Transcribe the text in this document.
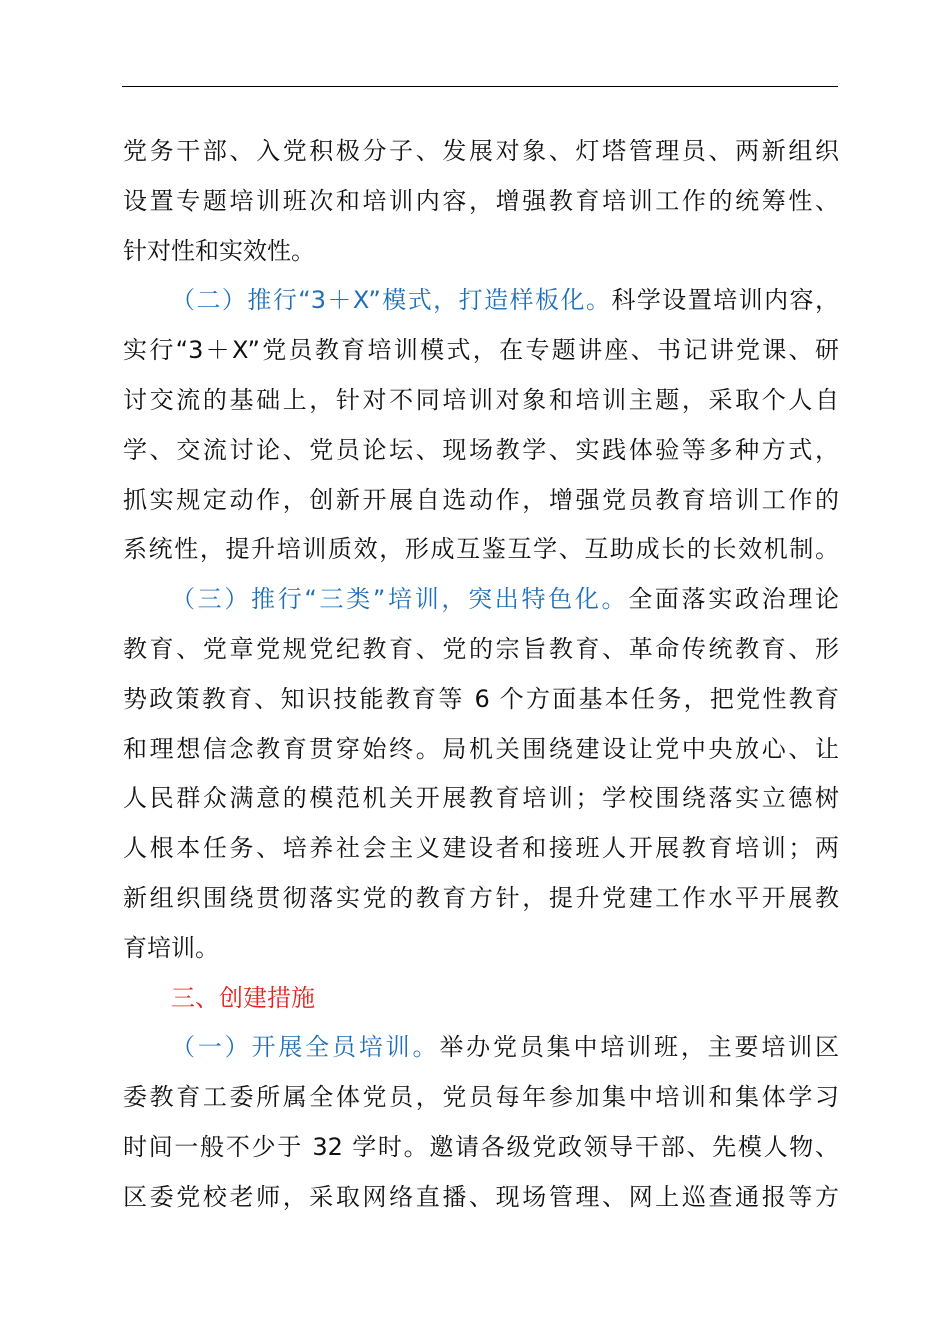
党务干部、入党积极分子、发展对象、灯塔管理员、两新组织
设置专题培训班次和培训内容，增强教育培训工作的统筹性、
针对性和实效性。
（二）推行“3＋X”模式，打造样板化。科学设置培训内容，
实行“3＋X”党员教育培训模式，在专题讲座、书记讲党课、研
讨交流的基础上，针对不同培训对象和培训主题，采取个人自
学、交流讨论、党员论坛、现场教学、实践体验等多种方式，
抓实规定动作，创新开展自选动作，增强党员教育培训工作的
系统性，提升培训质效，形成互鉴互学、互助成长的长效机制。
（三）推行“三类”培训，突出特色化。全面落实政治理论
教育、党章党规党纪教育、党的宗旨教育、革命传统教育、形
势政策教育、知识技能教育等 6 个方面基本任务，把党性教育
和理想信念教育贯穿始终。局机关围绕建设让党中央放心、让
人民群众满意的模范机关开展教育培训；学校围绕落实立德树
人根本任务、培养社会主义建设者和接班人开展教育培训；两
新组织围绕贯彻落实党的教育方针，提升党建工作水平开展教
育培训。
三、创建措施
（一）开展全员培训。举办党员集中培训班，主要培训区
委教育工委所属全体党员，党员每年参加集中培训和集体学习
时间一般不少于 32 学时。邀请各级党政领导干部、先模人物、
区委党校老师，采取网络直播、现场管理、网上巡查通报等方
